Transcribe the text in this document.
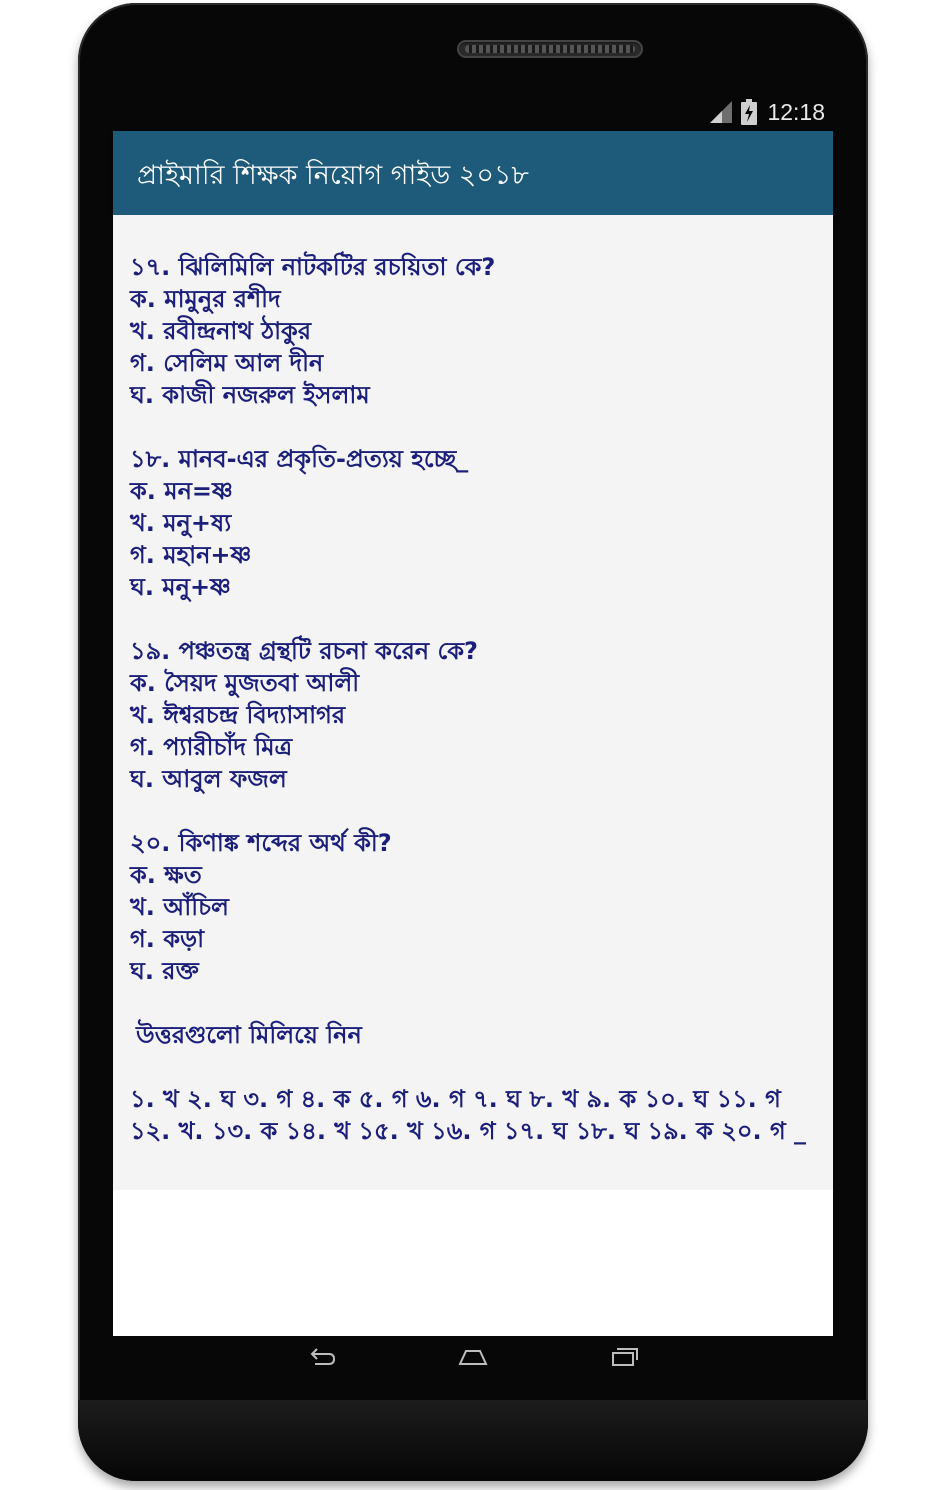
12:18
প্রাইমারি শিক্ষক নিয়োগ গাইড ২০১৮
১৭. ঝিলিমিলি নাটকটির রচয়িতা কে?
ক. মামুনুর রশীদ
খ. রবীন্দ্রনাথ ঠাকুর
গ. সেলিম আল দীন
ঘ. কাজী নজরুল ইসলাম
১৮. মানব-এর প্রকৃতি-প্রত্যয় হচ্ছে_
ক. মন=ষ্ণ
খ. মনু+ষ্য
গ. মহান+ষ্ণ
ঘ. মনু+ষ্ণ
১৯. পঞ্চতন্ত্র গ্রন্থটি রচনা করেন কে?
ক. সৈয়দ মুজতবা আলী
খ. ঈশ্বরচন্দ্র বিদ্যাসাগর
গ. প্যারীচাঁদ মিত্র
ঘ. আবুল ফজল
২০. কিণাঙ্ক শব্দের অর্থ কী?
ক. ক্ষত
খ. আঁচিল
গ. কড়া
ঘ. রক্ত
উত্তরগুলো মিলিয়ে নিন
১. খ ২. ঘ ৩. গ ৪. ক ৫. গ ৬. গ ৭. ঘ ৮. খ ৯. ক ১০. ঘ ১১. গ ১২. খ. ১৩. ক ১৪. খ ১৫. খ ১৬. গ ১৭. ঘ ১৮. ঘ ১৯. ক ২০. গ _
